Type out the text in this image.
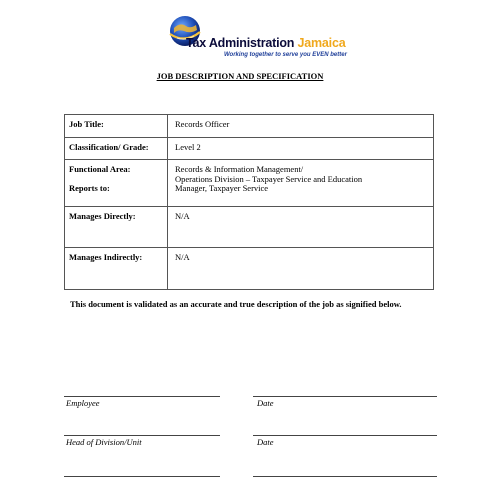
Tax Administration Jamaica
Working together to serve you EVEN better
JOB DESCRIPTION AND SPECIFICATION
Job Title:	Records Officer
Classification/ Grade:	Level 2
Functional Area:	Records & Information Management/
Operations Division – Taxpayer Service and Education
Reports to:	Manager, Taxpayer Service
Manages Directly:	N/A
Manages Indirectly:	N/A
This document is validated as an accurate and true description of the job as signified below.
Employee	Date
Head of Division/Unit	Date
